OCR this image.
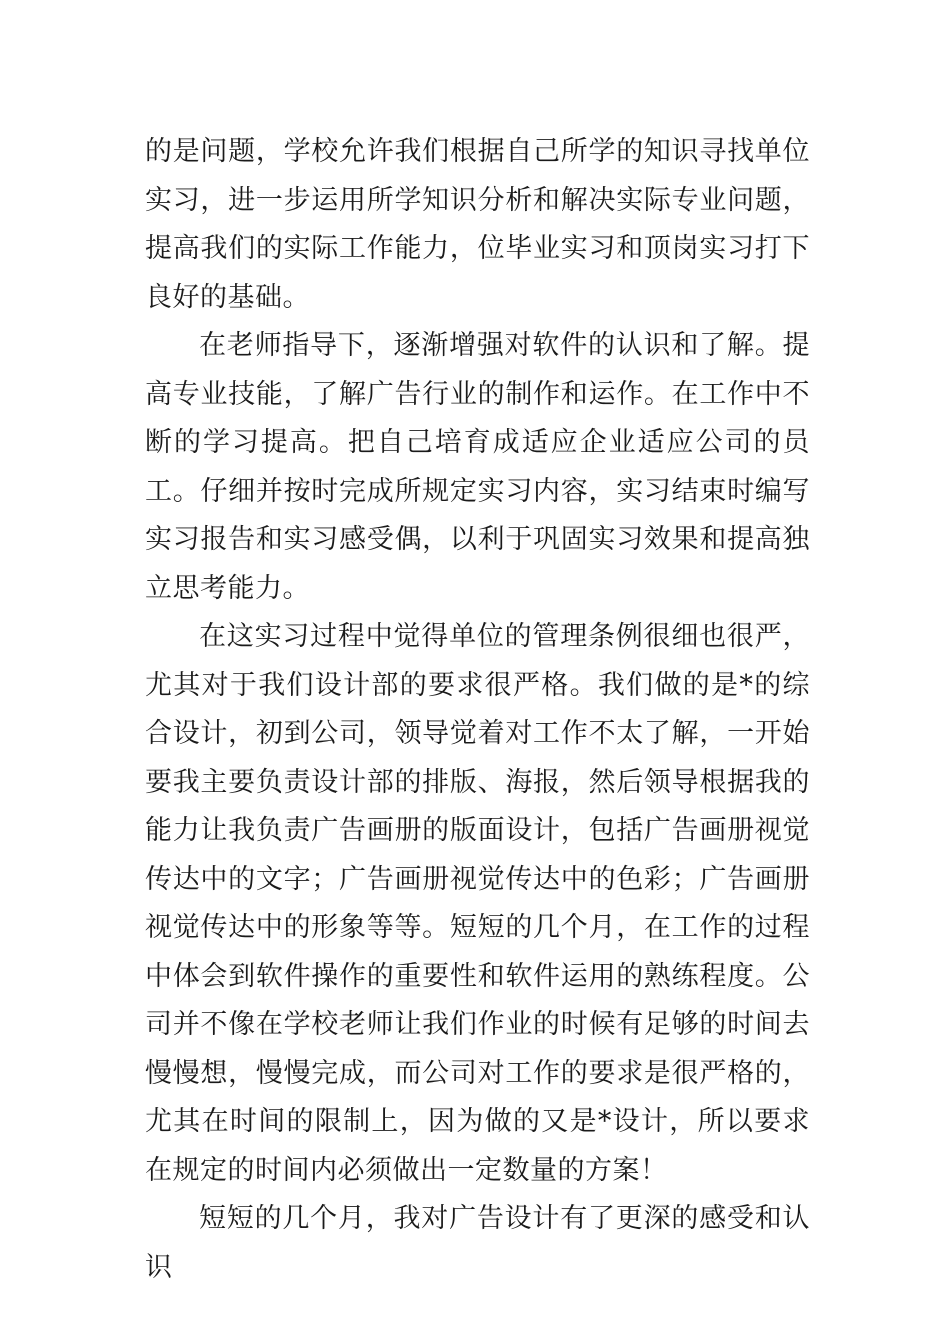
的是问题，学校允许我们根据自己所学的知识寻找单位实习，进一步运用所学知识分析和解决实际专业问题，提高我们的实际工作能力，位毕业实习和顶岗实习打下良好的基础。

在老师指导下，逐渐增强对软件的认识和了解。提高专业技能，了解广告行业的制作和运作。在工作中不断的学习提高。把自己培育成适应企业适应公司的员工。仔细并按时完成所规定实习内容，实习结束时编写实习报告和实习感受偶，以利于巩固实习效果和提高独立思考能力。

在这实习过程中觉得单位的管理条例很细也很严，尤其对于我们设计部的要求很严格。我们做的是*的综合设计，初到公司，领导觉着对工作不太了解，一开始要我主要负责设计部的排版、海报，然后领导根据我的能力让我负责广告画册的版面设计，包括广告画册视觉传达中的文字；广告画册视觉传达中的色彩；广告画册视觉传达中的形象等等。短短的几个月，在工作的过程中体会到软件操作的重要性和软件运用的熟练程度。公司并不像在学校老师让我们作业的时候有足够的时间去慢慢想，慢慢完成，而公司对工作的要求是很严格的，尤其在时间的限制上，因为做的又是*设计，所以要求在规定的时间内必须做出一定数量的方案！

短短的几个月，我对广告设计有了更深的感受和认识
